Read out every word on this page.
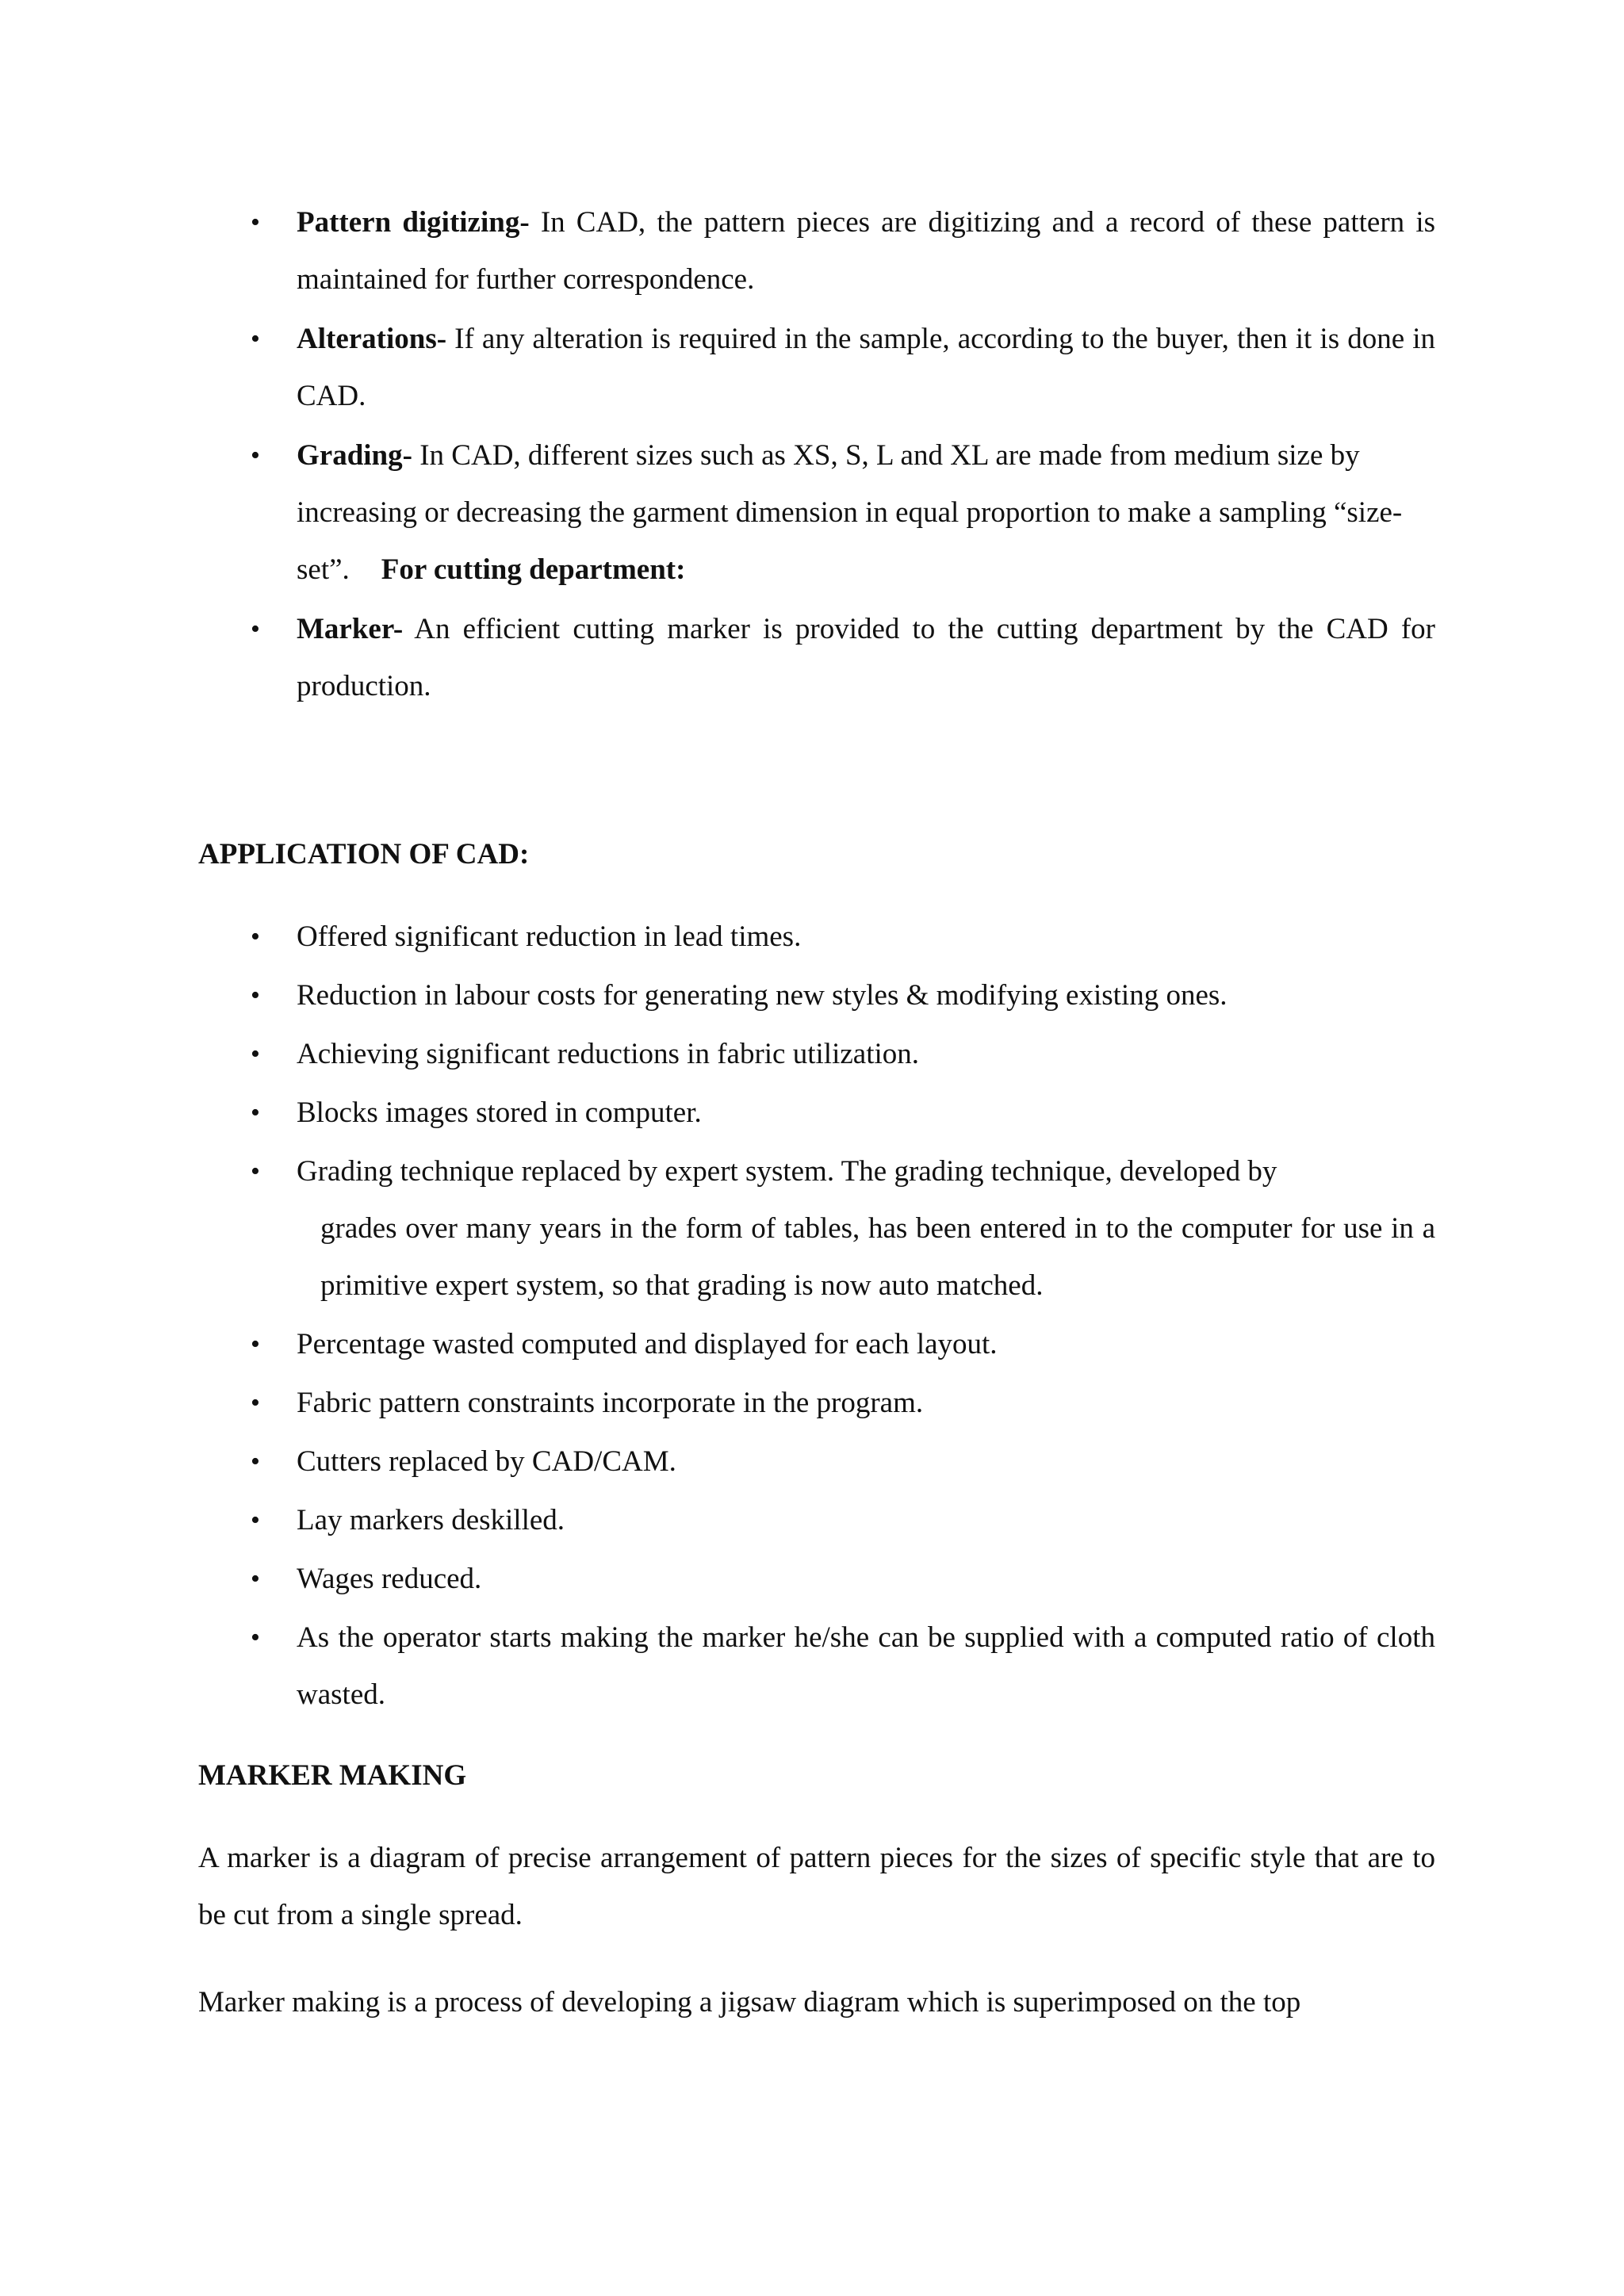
• Pattern digitizing- In CAD, the pattern pieces are digitizing and a record of these pattern is maintained for further correspondence.
• Alterations- If any alteration is required in the sample, according to the buyer, then it is done in CAD.
• Grading- In CAD, different sizes such as XS, S, L and XL are made from medium size by increasing or decreasing the garment dimension in equal proportion to make a sampling “size-set”. For cutting department:
• Marker- An efficient cutting marker is provided to the cutting department by the CAD for production.
APPLICATION OF CAD:
• Offered significant reduction in lead times.
• Reduction in labour costs for generating new styles & modifying existing ones.
• Achieving significant reductions in fabric utilization.
• Blocks images stored in computer.
• Grading technique replaced by expert system. The grading technique, developed by
grades over many years in the form of tables, has been entered in to the computer for use in a primitive expert system, so that grading is now auto matched.
• Percentage wasted computed and displayed for each layout.
• Fabric pattern constraints incorporate in the program.
• Cutters replaced by CAD/CAM.
• Lay markers deskilled.
• Wages reduced.
• As the operator starts making the marker he/she can be supplied with a computed ratio of cloth wasted.
MARKER MAKING

A marker is a diagram of precise arrangement of pattern pieces for the sizes of specific style that are to be cut from a single spread.

Marker making is a process of developing a jigsaw diagram which is superimposed on the top
